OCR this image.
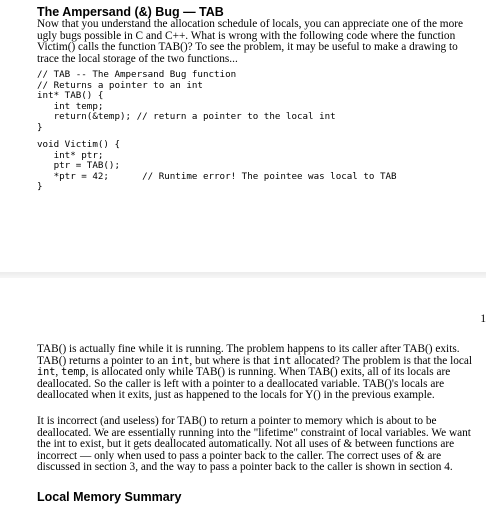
The Ampersand (&) Bug — TAB

Now that you understand the allocation schedule of locals, you can appreciate one of the more ugly bugs possible in C and C++. What is wrong with the following code where the function Victim() calls the function TAB()? To see the problem, it may be useful to make a drawing to trace the local storage of the two functions...

// TAB -- The Ampersand Bug function
// Returns a pointer to an int
int* TAB() {
int temp;
return(&temp); // return a pointer to the local int
}
void Victim() {
int* ptr;
ptr = TAB();
*ptr = 42;      // Runtime error! The pointee was local to TAB
}
1

TAB() is actually fine while it is running. The problem happens to its caller after TAB() exits. TAB() returns a pointer to an int, but where is that int allocated? The problem is that the local int, temp, is allocated only while TAB() is running. When TAB() exits, all of its locals are deallocated. So the caller is left with a pointer to a deallocated variable. TAB()'s locals are deallocated when it exits, just as happened to the locals for Y() in the previous example.

It is incorrect (and useless) for TAB() to return a pointer to memory which is about to be deallocated. We are essentially running into the "lifetime" constraint of local variables. We want the int to exist, but it gets deallocated automatically. Not all uses of & between functions are incorrect — only when used to pass a pointer back to the caller. The correct uses of & are discussed in section 3, and the way to pass a pointer back to the caller is shown in section 4.

Local Memory Summary
